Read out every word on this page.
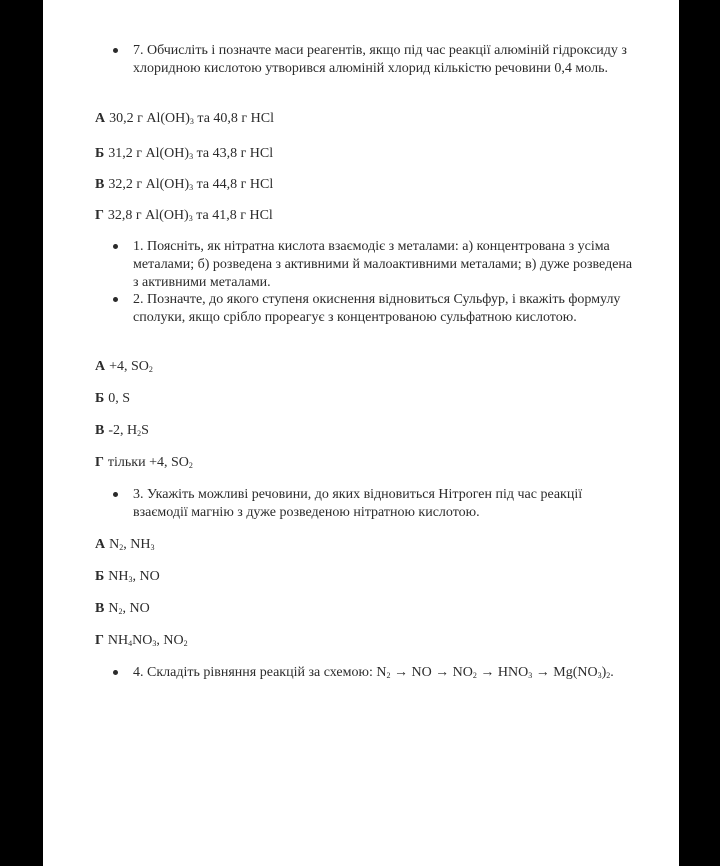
7. Обчисліть і позначте маси реагентів, якщо під час реакції алюміній гідроксиду з хлоридною кислотою утворився алюміній хлорид кількістю речовини 0,4 моль.

А 30,2 г $Al(OH)_3$ та 40,8 г HCl
Б 31,2 г $Al(OH)_3$ та 43,8 г HCl
В 32,2 г $Al(OH)_3$ та 44,8 г HCl
Г 32,8 г $Al(OH)_3$ та 41,8 г HCl

1. Поясніть, як нітратна кислота взаємодіє з металами: а) концентрована з усіма металами; б) розведена з активними й малоактивними металами; в) дуже розведена з активними металами.

2. Позначте, до якого ступеня окиснення відновиться Сульфур, і вкажіть формулу сполуки, якщо срібло прореагує з концентрованою сульфатною кислотою.

А +4, $SO_2$
Б 0, S
В -2, $H_2S$
Г тільки +4, $SO_2$

3. Укажіть можливі речовини, до яких відновиться Нітроген під час реакції взаємодії магнію з дуже розведеною нітратною кислотою.

А $N_2$, $NH_3$
Б $NH_3$, NO
В $N_2$, NO
Г $NH_4NO_3$, $NO_2$

4. Складіть рівняння реакцій за схемою: $N_2$ → NO → $NO_2 \to HNO_3 \to Mg(NO_3)_2$.
